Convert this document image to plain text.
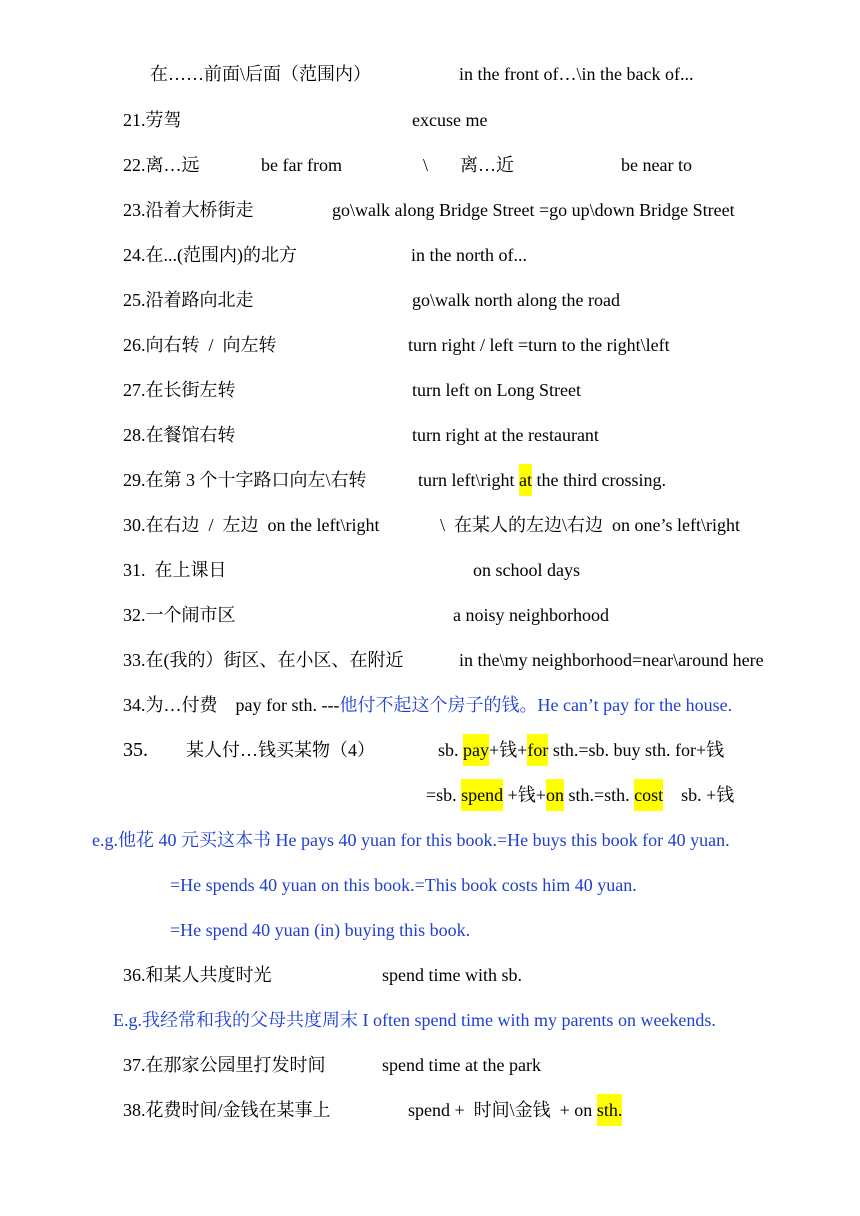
在……前面\后面（范围内）	in the front of…\in the back of...
21.劳驾	excuse me
22.离…远	be far from	\ 离…近	be near to
23.沿着大桥街走	go\walk along Bridge Street =go up\down Bridge Street
24.在...(范围内)的北方	in the north of...
25.沿着路向北走	go\walk north along the road
26.向右转  /  向左转	turn right / left =turn to the right\left
27.在长街左转	turn left on Long Street
28.在餐馆右转	turn right at the restaurant
29.在第 3 个十字路口向左\右转	turn left\right at the third crossing.
30.在右边  /  左边  on the left\right	\  在某人的左边\右边  on one’s left\right
31.  在上课日	on school days
32.一个闹市区	a noisy neighborhood
33.在(我的）街区、在小区、在附近	in the\my neighborhood=near\around here
34.为…付费    pay for sth. --- 他付不起这个房子的钱。He can’t pay for the house.
35. 某人付…钱买某物（4）	sb. pay +钱+ for sth.=sb. buy sth. for+钱
=sb. spend +钱+ on sth.=sth. cost sb. +钱
e.g.他花 40 元买这本书 He pays 40 yuan for this book.=He buys this book for 40 yuan.
=He spends 40 yuan on this book.=This book costs him 40 yuan.
=He spend 40 yuan (in) buying this book.
36.和某人共度时光	spend time with sb.
E.g.我经常和我的父母共度周末 I often spend time with my parents on weekends.
37.在那家公园里打发时间	spend time at the park
38.花费时间/金钱在某事上	spend +  时间\金钱  + on sth.
